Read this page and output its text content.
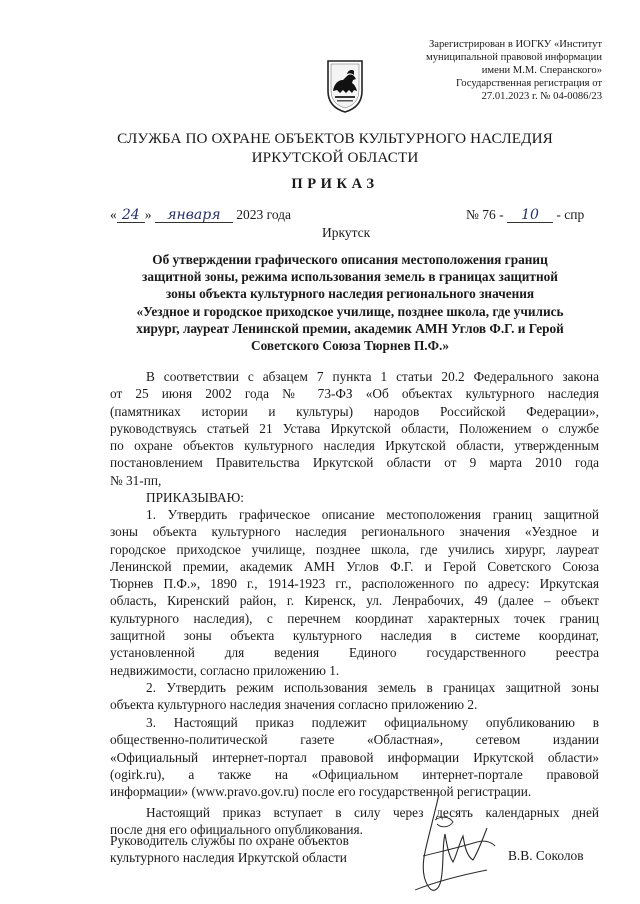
Зарегистрирован в ИОГКУ «Институт
муниципальной правовой информации
имени М.М. Сперанского»
Государственная регистрация от
27.01.2023 г. № 04-0086/23
СЛУЖБА ПО ОХРАНЕ ОБЪЕКТОВ КУЛЬТУРНОГО НАСЛЕДИЯ
ИРКУТСКОЙ ОБЛАСТИ
ПРИКАЗ
« 24 » января 2023 года	№ 76 - 10 - спр
Иркутск
Об утверждении графического описания местоположения границ
защитной зоны, режима использования земель в границах защитной
зоны объекта культурного наследия регионального значения
«Уездное и городское приходское училище, позднее школа, где учились
хирург, лауреат Ленинской премии, академик АМН Углов Ф.Г. и Герой
Советского Союза Тюрнев П.Ф.»
В соответствии с абзацем 7 пункта 1 статьи 20.2 Федерального закона
от 25 июня 2002 года № 73-ФЗ «Об объектах культурного наследия
(памятниках истории и культуры) народов Российской Федерации»,
руководствуясь статьей 21 Устава Иркутской области, Положением о службе
по охране объектов культурного наследия Иркутской области, утвержденным
постановлением Правительства Иркутской области от 9 марта 2010 года
№ 31-пп,
ПРИКАЗЫВАЮ:
1. Утвердить графическое описание местоположения границ защитной
зоны объекта культурного наследия регионального значения «Уездное и
городское приходское училище, позднее школа, где учились хирург, лауреат
Ленинской премии, академик АМН Углов Ф.Г. и Герой Советского Союза
Тюрнев П.Ф.», 1890 г., 1914-1923 гг., расположенного по адресу: Иркутская
область, Киренский район, г. Киренск, ул. Ленрабочих, 49 (далее – объект
культурного наследия), с перечнем координат характерных точек границ
защитной зоны объекта культурного наследия в системе координат,
установленной для ведения Единого государственного реестра
недвижимости, согласно приложению 1.
2. Утвердить режим использования земель в границах защитной зоны
объекта культурного наследия значения согласно приложению 2.
3. Настоящий приказ подлежит официальному опубликованию в
общественно-политической газете «Областная», сетевом издании
«Официальный интернет-портал правовой информации Иркутской области»
(ogirk.ru), а также на «Официальном интернет-портале правовой
информации» (www.pravo.gov.ru) после его государственной регистрации.
Настоящий приказ вступает в силу через десять календарных дней
после дня его официального опубликования.
Руководитель службы по охране объектов
культурного наследия Иркутской области	В.В. Соколов
